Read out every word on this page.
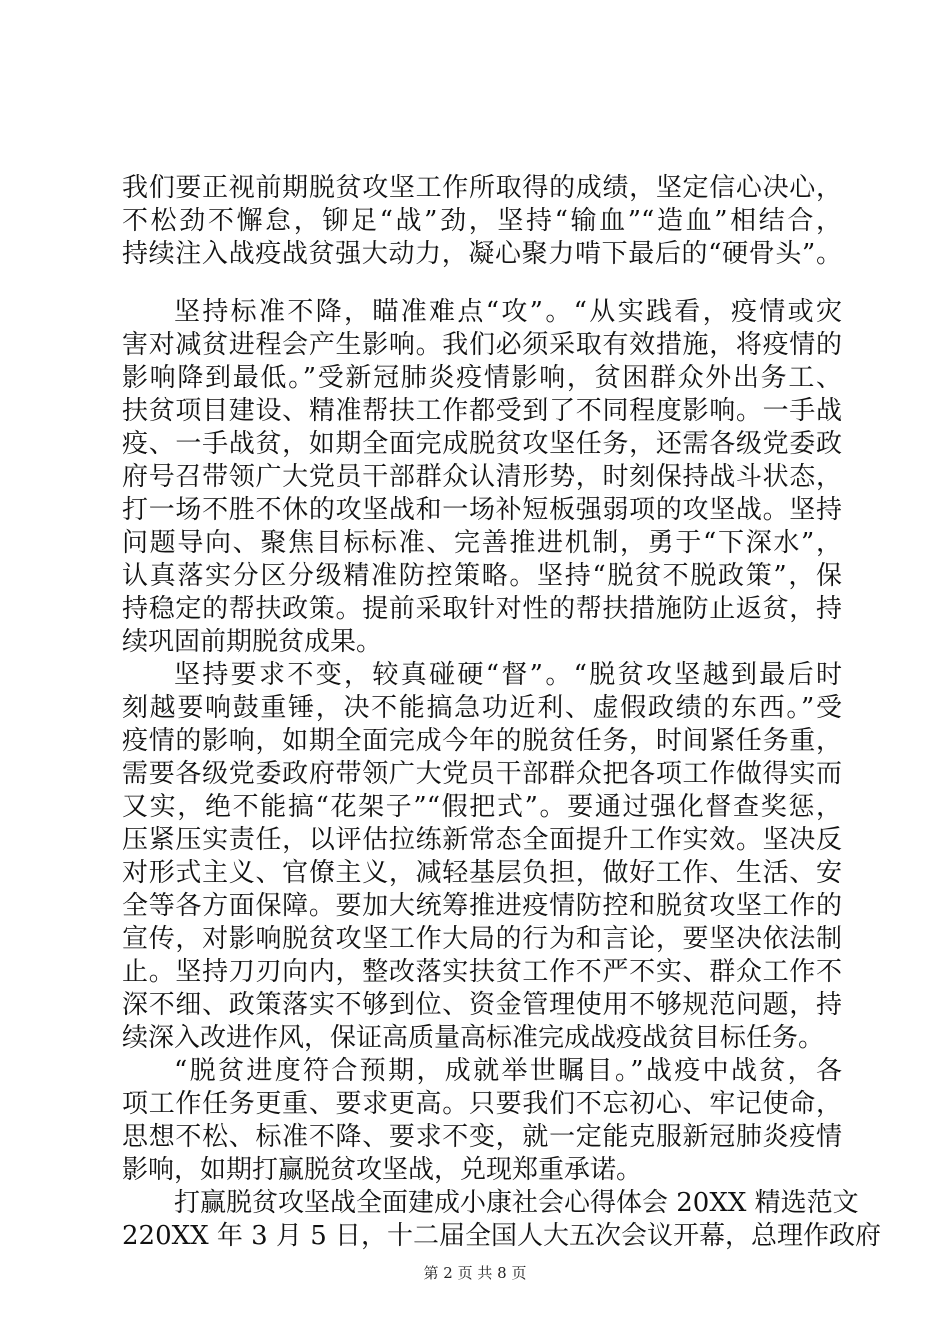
我们要正视前期脱贫攻坚工作所取得的成绩，坚定信心决心，
不松劲不懈怠，铆足“战”劲，坚持“输血”“造血”相结合，
持续注入战疫战贫强大动力，凝心聚力啃下最后的“硬骨头”。
坚持标准不降，瞄准难点“攻”。“从实践看，疫情或灾
害对减贫进程会产生影响。我们必须采取有效措施，将疫情的
影响降到最低。”受新冠肺炎疫情影响，贫困群众外出务工、
扶贫项目建设、精准帮扶工作都受到了不同程度影响。一手战
疫、一手战贫，如期全面完成脱贫攻坚任务，还需各级党委政
府号召带领广大党员干部群众认清形势，时刻保持战斗状态，
打一场不胜不休的攻坚战和一场补短板强弱项的攻坚战。坚持
问题导向、聚焦目标标准、完善推进机制，勇于“下深水”，
认真落实分区分级精准防控策略。坚持“脱贫不脱政策”，保
持稳定的帮扶政策。提前采取针对性的帮扶措施防止返贫，持
续巩固前期脱贫成果。
坚持要求不变，较真碰硬“督”。“脱贫攻坚越到最后时
刻越要响鼓重锤，决不能搞急功近利、虚假政绩的东西。”受
疫情的影响，如期全面完成今年的脱贫任务，时间紧任务重，
需要各级党委政府带领广大党员干部群众把各项工作做得实而
又实，绝不能搞“花架子”“假把式”。要通过强化督查奖惩，
压紧压实责任，以评估拉练新常态全面提升工作实效。坚决反
对形式主义、官僚主义，减轻基层负担，做好工作、生活、安
全等各方面保障。要加大统筹推进疫情防控和脱贫攻坚工作的
宣传，对影响脱贫攻坚工作大局的行为和言论，要坚决依法制
止。坚持刀刃向内，整改落实扶贫工作不严不实、群众工作不
深不细、政策落实不够到位、资金管理使用不够规范问题，持
续深入改进作风，保证高质量高标准完成战疫战贫目标任务。
“脱贫进度符合预期，成就举世瞩目。”战疫中战贫，各
项工作任务更重、要求更高。只要我们不忘初心、牢记使命，
思想不松、标准不降、要求不变，就一定能克服新冠肺炎疫情
影响，如期打赢脱贫攻坚战，兑现郑重承诺。
打赢脱贫攻坚战全面建成小康社会心得体会 20XX 精选范文
220XX 年 3 月 5 日，十二届全国人大五次会议开幕，总理作政府
第 2 页 共 8 页
